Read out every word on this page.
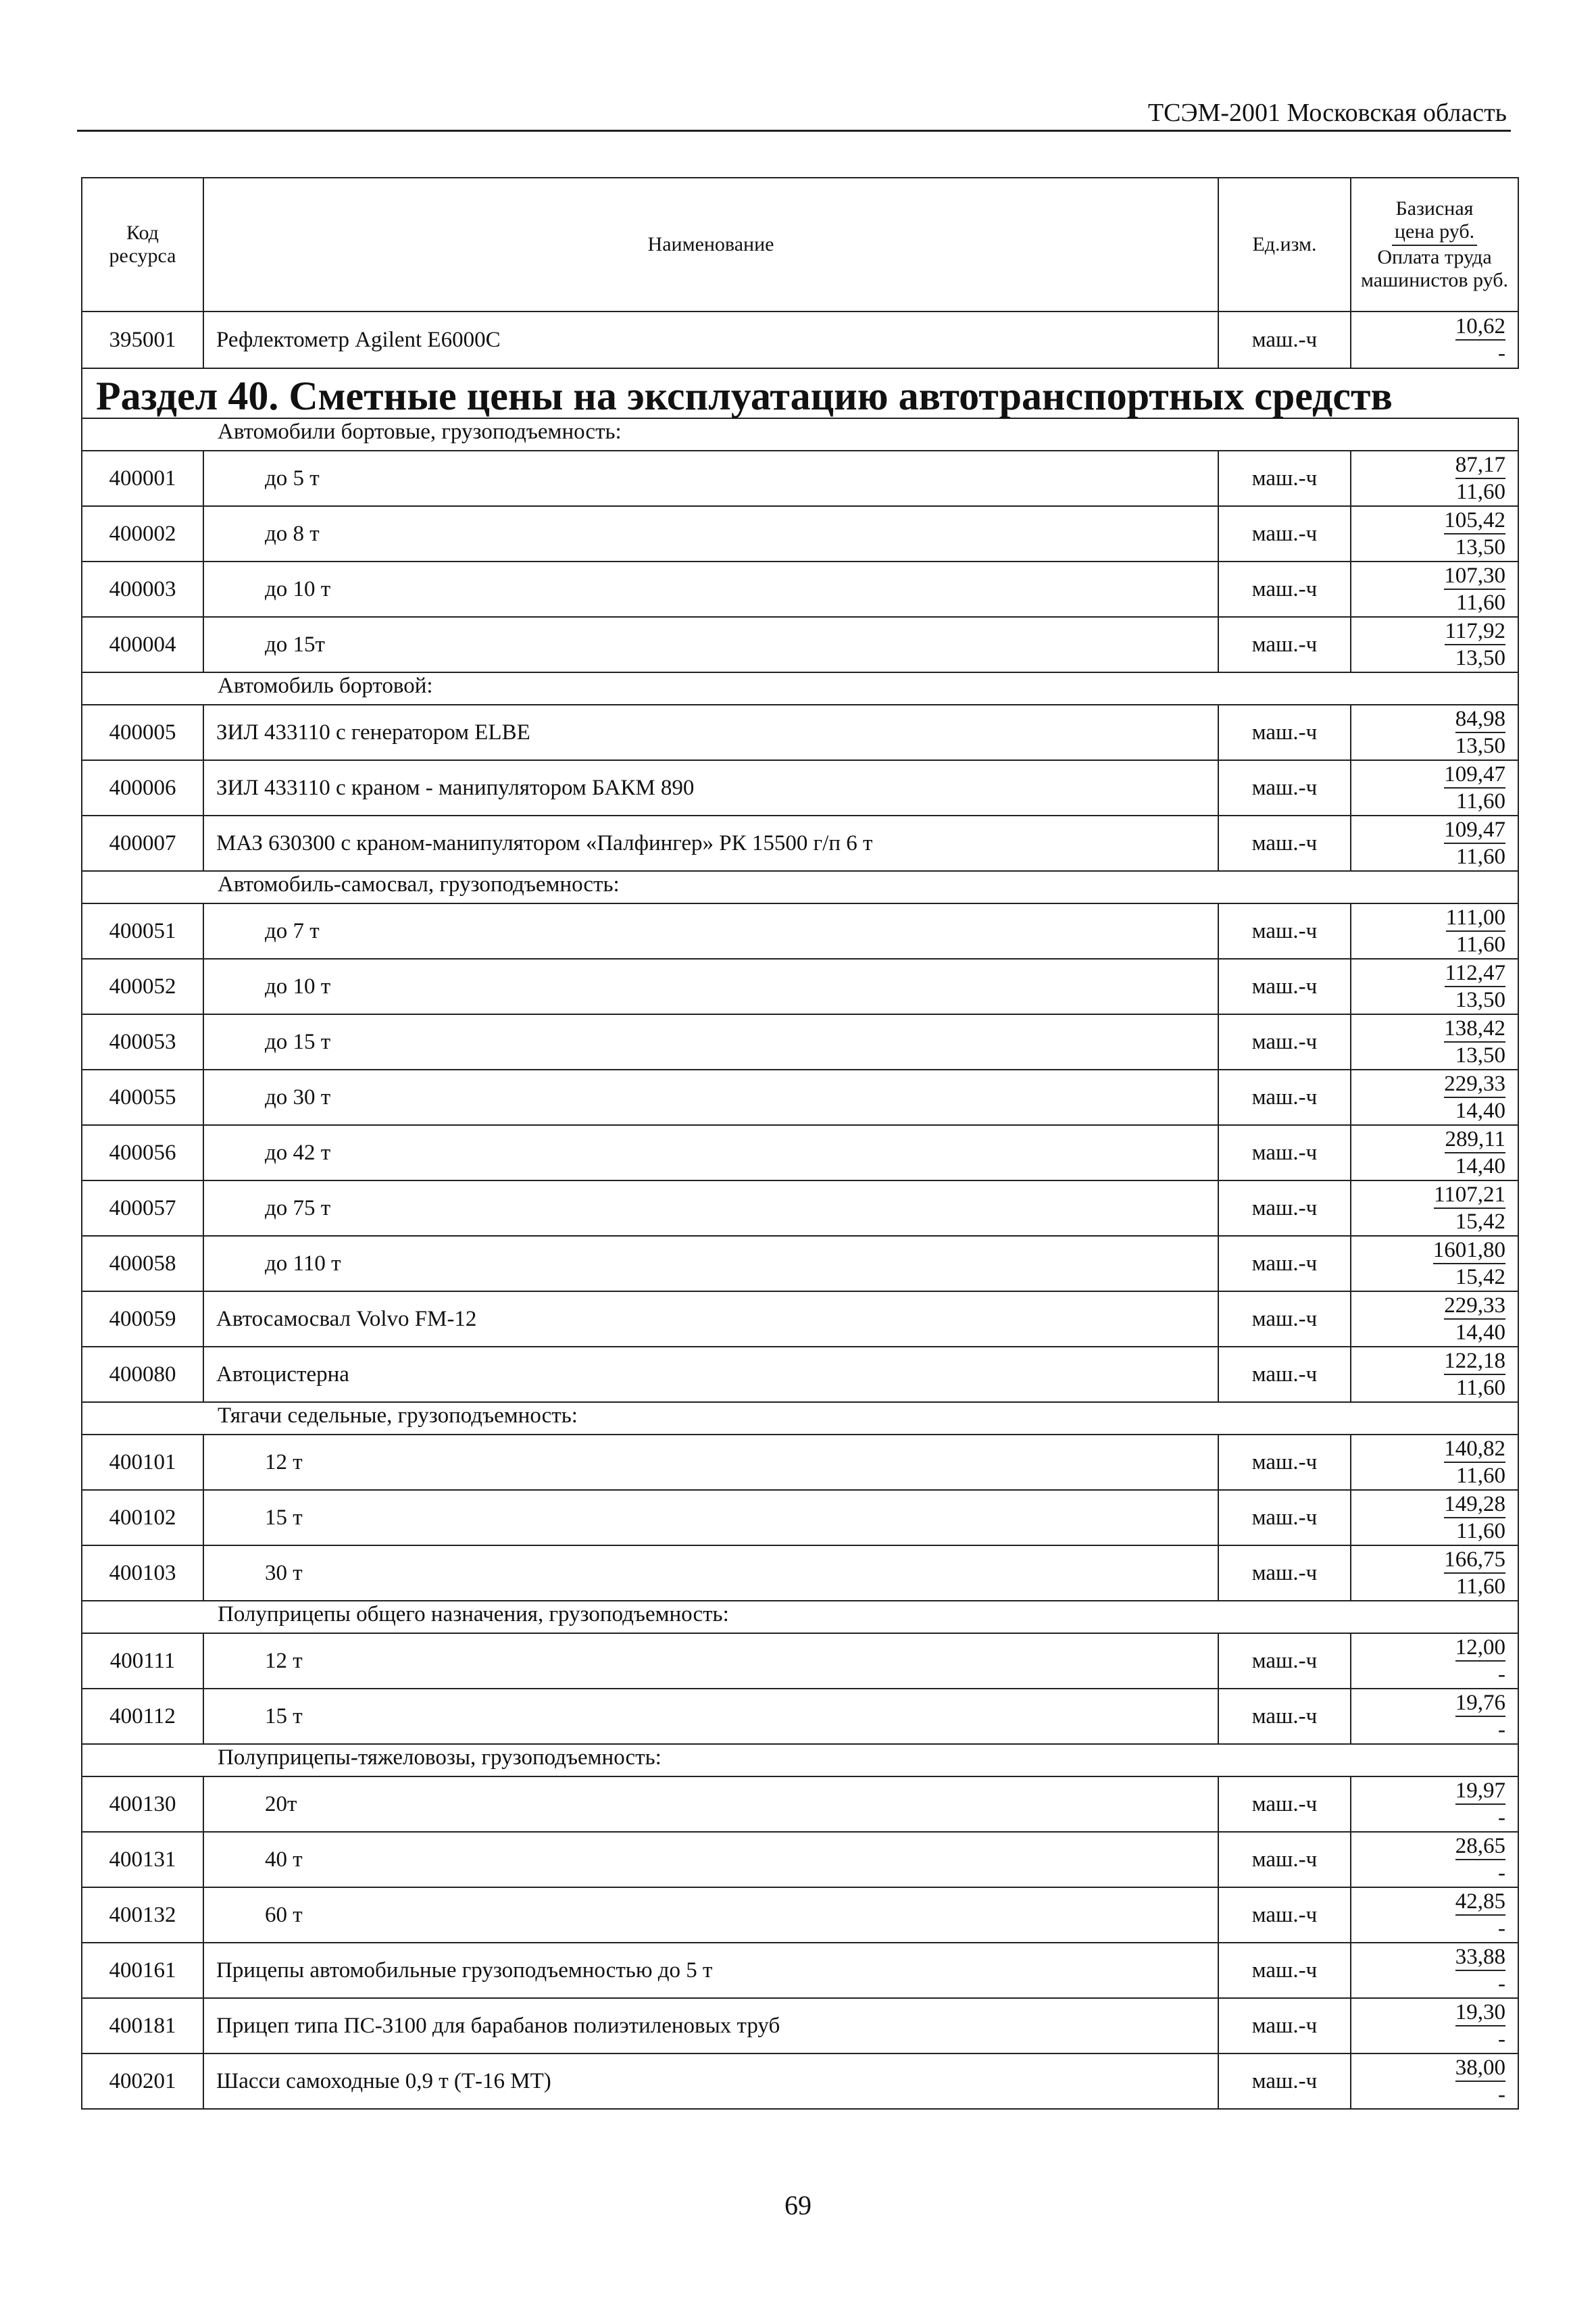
ТСЭМ-2001 Московская область
Код ресурса	Наименование	Ед.изм.	Базисная цена руб.
Оплата труда машинистов руб.

395001	Рефлектометр Agilent E6000C	маш.-ч	$\frac{10,62}{-}$

Раздел 40. Сметные цены на эксплуатацию автотранспортных средств			
Автомобили бортовые, грузоподъемность:			
400001	до 5 т	маш.-ч	$\frac{87,17}{11,60}$

400002	до 8 т	маш.-ч	$\frac{105,42}{13,50}$

400003	до 10 т	маш.-ч	$\frac{107,30}{11,60}$

400004	до 15т	маш.-ч	$\frac{117,92}{13,50}$

Автомобиль бортовой:			
400005	ЗИЛ 433110 с генератором ELBE	маш.-ч	$\frac{84,98}{13,50}$

400006	ЗИЛ 433110 с краном - манипулятором БАКМ 890	маш.-ч	$\frac{109,47}{11,60}$

400007	МАЗ 630300 с краном-манипулятором «Палфингер» РК 15500 г/п 6 т	маш.-ч	$\frac{109,47}{11,60}$

Автомобиль-самосвал, грузоподъемность:			
400051	до 7 т	маш.-ч	$\frac{111,00}{11,60}$

400052	до 10 т	маш.-ч	$\frac{112,47}{13,50}$

400053	до 15 т	маш.-ч	$\frac{138,42}{13,50}$

400055	до 30 т	маш.-ч	$\frac{229,33}{14,40}$

400056	до 42 т	маш.-ч	$\frac{289,11}{14,40}$

400057	до 75 т	маш.-ч	$\frac{1107,21}{15,42}$

400058	до 110 т	маш.-ч	$\frac{1601,80}{15,42}$

400059	Автосамосвал Volvo FM-12	маш.-ч	$\frac{229,33}{14,40}$

400080	Автоцистерна	маш.-ч	$\frac{122,18}{11,60}$

Тягачи седельные, грузоподъемность:			
400101	12 т	маш.-ч	$\frac{140,82}{11,60}$

400102	15 т	маш.-ч	$\frac{149,28}{11,60}$

400103	30 т	маш.-ч	$\frac{166,75}{11,60}$

Полуприцепы общего назначения, грузоподъемность:			
400111	12 т	маш.-ч	$\frac{12,00}{-}$

400112	15 т	маш.-ч	$\frac{19,76}{-}$

Полуприцепы-тяжеловозы, грузоподъемность:			
400130	20т	маш.-ч	$\frac{19,97}{-}$

400131	40 т	маш.-ч	$\frac{28,65}{-}$

400132	60 т	маш.-ч	$\frac{42,85}{-}$

400161	Прицепы автомобильные грузоподъемностью до 5 т	маш.-ч	$\frac{33,88}{-}$

400181	Прицеп типа ПС-3100 для барабанов полиэтиленовых труб	маш.-ч	$\frac{19,30}{-}$

400201	Шасси самоходные 0,9 т (Т-16 МТ)	маш.-ч	$\frac{38,00}{-}$
69
